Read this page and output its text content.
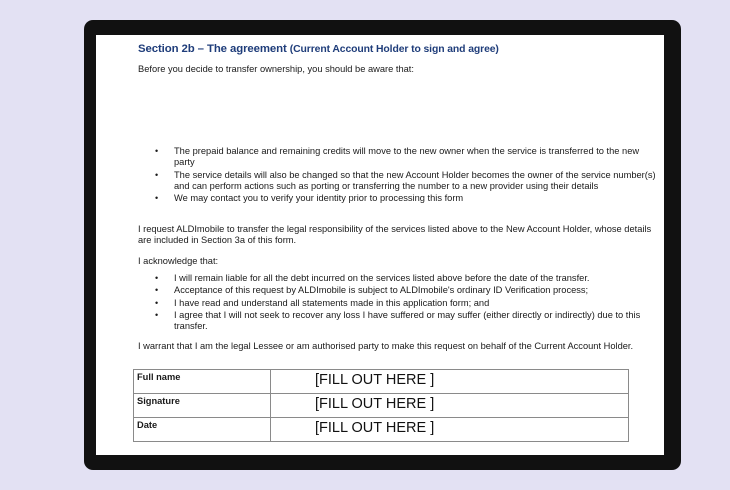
Section 2b – The agreement (Current Account Holder to sign and agree)
Before you decide to transfer ownership, you should be aware that:
• The prepaid balance and remaining credits will move to the new owner when the service is transferred to the new party
• The service details will also be changed so that the new Account Holder becomes the owner of the service number(s) and can perform actions such as porting or transferring the number to a new provider using their details
• We may contact you to verify your identity prior to processing this form
I request ALDImobile to transfer the legal responsibility of the services listed above to the New Account Holder, whose details are included in Section 3a of this form.
I acknowledge that:
• I will remain liable for all the debt incurred on the services listed above before the date of the transfer.
• Acceptance of this request by ALDImobile is subject to ALDImobile's ordinary ID Verification process;
• I have read and understand all statements made in this application form; and
• I agree that I will not seek to recover any loss I have suffered or may suffer (either directly or indirectly) due to this transfer.
I warrant that I am the legal Lessee or am authorised party to make this request on behalf of the Current Account Holder.
Full name	[FILL OUT HERE ]
Signature	[FILL OUT HERE ]
Date	[FILL OUT HERE ]
